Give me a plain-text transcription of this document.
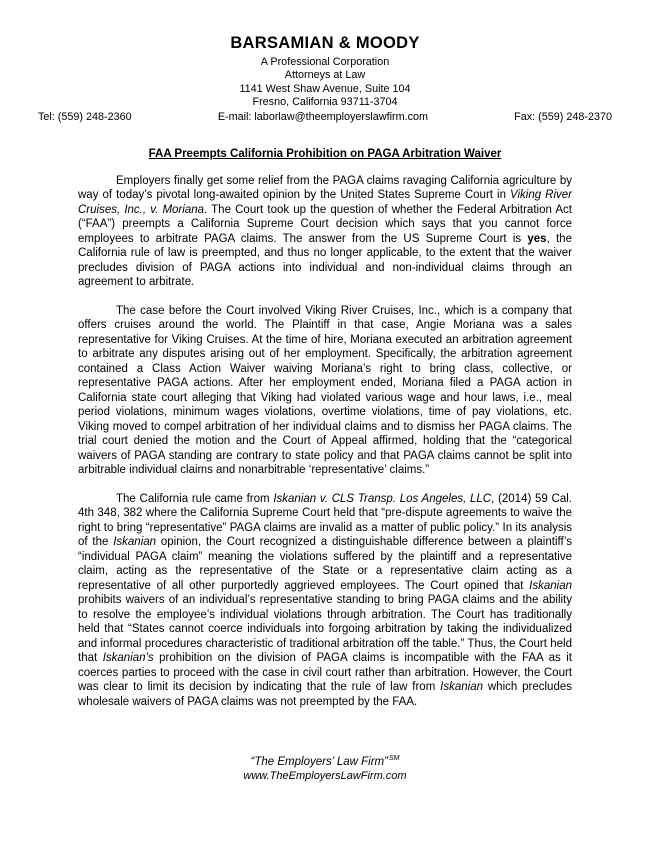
BARSAMIAN & MOODY
A Professional Corporation
Attorneys at Law
1141 West Shaw Avenue, Suite 104
Fresno, California 93711-3704
Tel: (559) 248-2360	E-mail: laborlaw@theemployerslawfirm.com	Fax: (559) 248-2370
FAA Preempts California Prohibition on PAGA Arbitration Waiver

Employers finally get some relief from the PAGA claims ravaging California agriculture by way of today’s pivotal long-awaited opinion by the United States Supreme Court in Viking River Cruises, Inc., v. Moriana. The Court took up the question of whether the Federal Arbitration Act (“FAA”) preempts a California Supreme Court decision which says that you cannot force employees to arbitrate PAGA claims. The answer from the US Supreme Court is yes, the California rule of law is preempted, and thus no longer applicable, to the extent that the waiver precludes division of PAGA actions into individual and non-individual claims through an agreement to arbitrate.

The case before the Court involved Viking River Cruises, Inc., which is a company that offers cruises around the world. The Plaintiff in that case, Angie Moriana was a sales representative for Viking Cruises. At the time of hire, Moriana executed an arbitration agreement to arbitrate any disputes arising out of her employment. Specifically, the arbitration agreement contained a Class Action Waiver waiving Moriana’s right to bring class, collective, or representative PAGA actions. After her employment ended, Moriana filed a PAGA action in California state court alleging that Viking had violated various wage and hour laws, i.e., meal period violations, minimum wages violations, overtime violations, time of pay violations, etc. Viking moved to compel arbitration of her individual claims and to dismiss her PAGA claims. The trial court denied the motion and the Court of Appeal affirmed, holding that the “categorical waivers of PAGA standing are contrary to state policy and that PAGA claims cannot be split into arbitrable individual claims and nonarbitrable ‘representative’ claims.”

The California rule came from Iskanian v. CLS Transp. Los Angeles, LLC, (2014) 59 Cal. 4th 348, 382 where the California Supreme Court held that “pre-dispute agreements to waive the right to bring “representative” PAGA claims are invalid as a matter of public policy.” In its analysis of the Iskanian opinion, the Court recognized a distinguishable difference between a plaintiff’s “individual PAGA claim” meaning the violations suffered by the plaintiff and a representative claim, acting as the representative of the State or a representative claim acting as a representative of all other purportedly aggrieved employees. The Court opined that Iskanian prohibits waivers of an individual’s representative standing to bring PAGA claims and the ability to resolve the employee’s individual violations through arbitration. The Court has traditionally held that “States cannot coerce individuals into forgoing arbitration by taking the individualized and informal procedures characteristic of traditional arbitration off the table.” Thus, the Court held that Iskanian’s prohibition on the division of PAGA claims is incompatible with the FAA as it coerces parties to proceed with the case in civil court rather than arbitration. However, the Court was clear to limit its decision by indicating that the rule of law from Iskanian which precludes wholesale waivers of PAGA claims was not preempted by the FAA.

“The Employers’ Law Firm”℠
www.TheEmployersLawFirm.com
